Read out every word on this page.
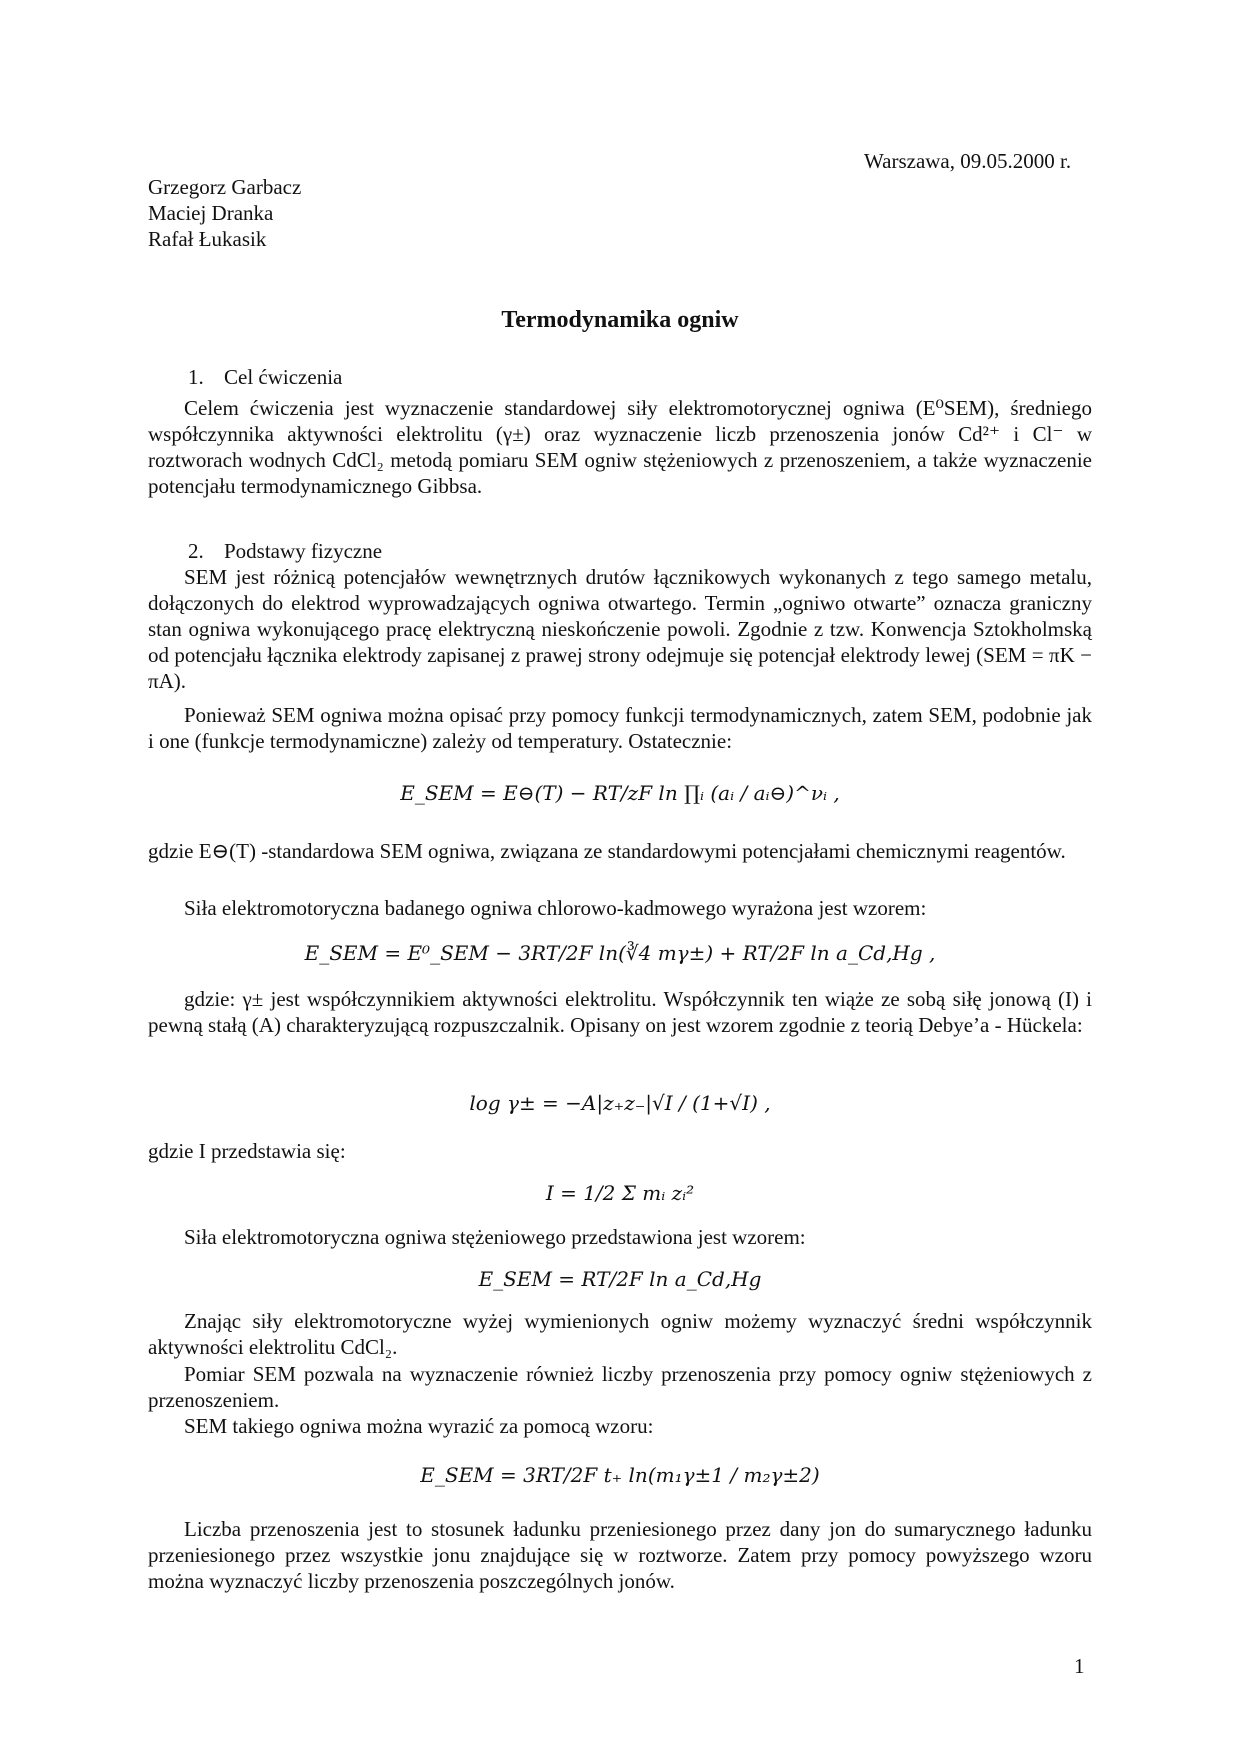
Warszawa, 09.05.2000 r.
Grzegorz Garbacz
Maciej Dranka
Rafał Łukasik
Termodynamika ogniw
1. Cel ćwiczenia

Celem ćwiczenia jest wyznaczenie standardowej siły elektromotorycznej ogniwa (E⁰SEM), średniego współczynnika aktywności elektrolitu (γ±) oraz wyznaczenie liczb przenoszenia jonów Cd²⁺ i Cl⁻ w roztworach wodnych CdCl₂ metodą pomiaru SEM ogniw stężeniowych z przenoszeniem, a także wyznaczenie potencjału termodynamicznego Gibbsa.

2. Podstawy fizyczne

SEM jest różnicą potencjałów wewnętrznych drutów łącznikowych wykonanych z tego samego metalu, dołączonych do elektrod wyprowadzających ogniwa otwartego. Termin „ogniwo otwarte” oznacza graniczny stan ogniwa wykonującego pracę elektryczną nieskończenie powoli. Zgodnie z tzw. Konwencja Sztokholmską od potencjału łącznika elektrody zapisanej z prawej strony odejmuje się potencjał elektrody lewej (SEM = πK − πA).

Ponieważ SEM ogniwa można opisać przy pomocy funkcji termodynamicznych, zatem SEM, podobnie jak i one (funkcje termodynamiczne) zależy od temperatury. Ostatecznie:

E_SEM = E⊖(T) − RT/zF ln ∏ᵢ (aᵢ / aᵢ⊖)^νᵢ ,

gdzie E⊖(T) -standardowa SEM ogniwa, związana ze standardowymi potencjałami chemicznymi reagentów.

Siła elektromotoryczna badanego ogniwa chlorowo-kadmowego wyrażona jest wzorem:

E_SEM = E⁰_SEM − 3RT/2F ln(∛4 mγ±) + RT/2F ln a_Cd,Hg ,

gdzie: γ± jest współczynnikiem aktywności elektrolitu. Współczynnik ten wiąże ze sobą siłę jonową (I) i pewną stałą (A) charakteryzującą rozpuszczalnik. Opisany on jest wzorem zgodnie z teorią Debye’a - Hückela:

log γ± = −A|z₊z₋|√I / (1+√I) ,

gdzie I przedstawia się:

I = 1/2 Σ mᵢ zᵢ²

Siła elektromotoryczna ogniwa stężeniowego przedstawiona jest wzorem:

E_SEM = RT/2F ln a_Cd,Hg

Znając siły elektromotoryczne wyżej wymienionych ogniw możemy wyznaczyć średni współczynnik aktywności elektrolitu CdCl₂.

Pomiar SEM pozwala na wyznaczenie również liczby przenoszenia przy pomocy ogniw stężeniowych z przenoszeniem.

SEM takiego ogniwa można wyrazić za pomocą wzoru:

E_SEM = 3RT/2F t₊ ln(m₁γ±1 / m₂γ±2)

Liczba przenoszenia jest to stosunek ładunku przeniesionego przez dany jon do sumarycznego ładunku przeniesionego przez wszystkie jonu znajdujące się w roztworze. Zatem przy pomocy powyższego wzoru można wyznaczyć liczby przenoszenia poszczególnych jonów.

1
